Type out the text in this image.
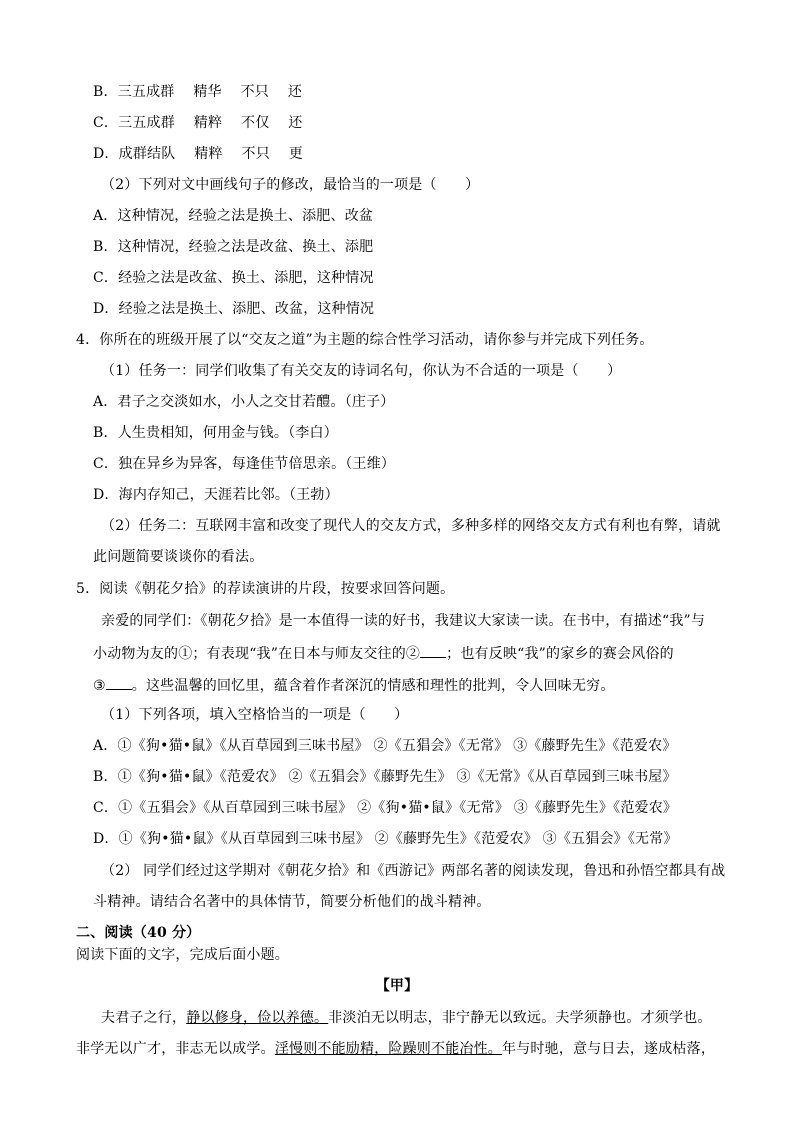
B．三五成群　 精华　 不只　 还
C．三五成群　 精粹　 不仅　 还
D．成群结队　 精粹　 不只　 更
（2）下列对文中画线句子的修改，最恰当的一项是（　　）
A．这种情况，经验之法是换土、添肥、改盆
B．这种情况，经验之法是改盆、换土、添肥
C．经验之法是改盆、换土、添肥，这种情况
D．经验之法是换土、添肥、改盆，这种情况
4．你所在的班级开展了以“交友之道”为主题的综合性学习活动，请你参与并完成下列任务。
（1）任务一：同学们收集了有关交友的诗词名句，你认为不合适的一项是（　　）
A．君子之交淡如水，小人之交甘若醴。（庄子）
B．人生贵相知，何用金与钱。（李白）
C．独在异乡为异客，每逢佳节倍思亲。（王维）
D．海内存知己，天涯若比邻。（王勃）
（2）任务二：互联网丰富和改变了现代人的交友方式，多种多样的网络交友方式有利也有弊，请就
此问题简要谈谈你的看法。
5．阅读《朝花夕拾》的荐读演讲的片段，按要求回答问题。
亲爱的同学们：《朝花夕拾》是一本值得一读的好书，我建议大家读一读。在书中，有描述“我”与
小动物为友的①；有表现“我”在日本与师友交往的② ；也有反映“我”的家乡的赛会风俗的
③ 。这些温馨的回忆里，蕴含着作者深沉的情感和理性的批判，令人回味无穷。
（1）下列各项，填入空格恰当的一项是（　　）
A．①《狗•猫•鼠》《从百草园到三味书屋》 ②《五猖会》《无常》 ③《藤野先生》《范爱农》
B．①《狗•猫•鼠》《范爱农》 ②《五猖会》《藤野先生》 ③《无常》《从百草园到三味书屋》
C．①《五猖会》《从百草园到三味书屋》 ②《狗•猫•鼠》《无常》 ③《藤野先生》《范爱农》
D．①《狗•猫•鼠》《从百草园到三味书屋》 ②《藤野先生》《范爱农》 ③《五猖会》《无常》
（2） 同学们经过这学期对《朝花夕拾》和《西游记》两部名著的阅读发现，鲁迅和孙悟空都具有战
斗精神。请结合名著中的具体情节，简要分析他们的战斗精神。
二、阅读（40 分）
阅读下面的文字，完成后面小题。
【甲】
夫君子之行，静以修身，俭以养德。非淡泊无以明志，非宁静无以致远。夫学须静也。才须学也。
非学无以广才，非志无以成学。淫慢则不能励精，险躁则不能冶性。年与时驰，意与日去，遂成枯落，
